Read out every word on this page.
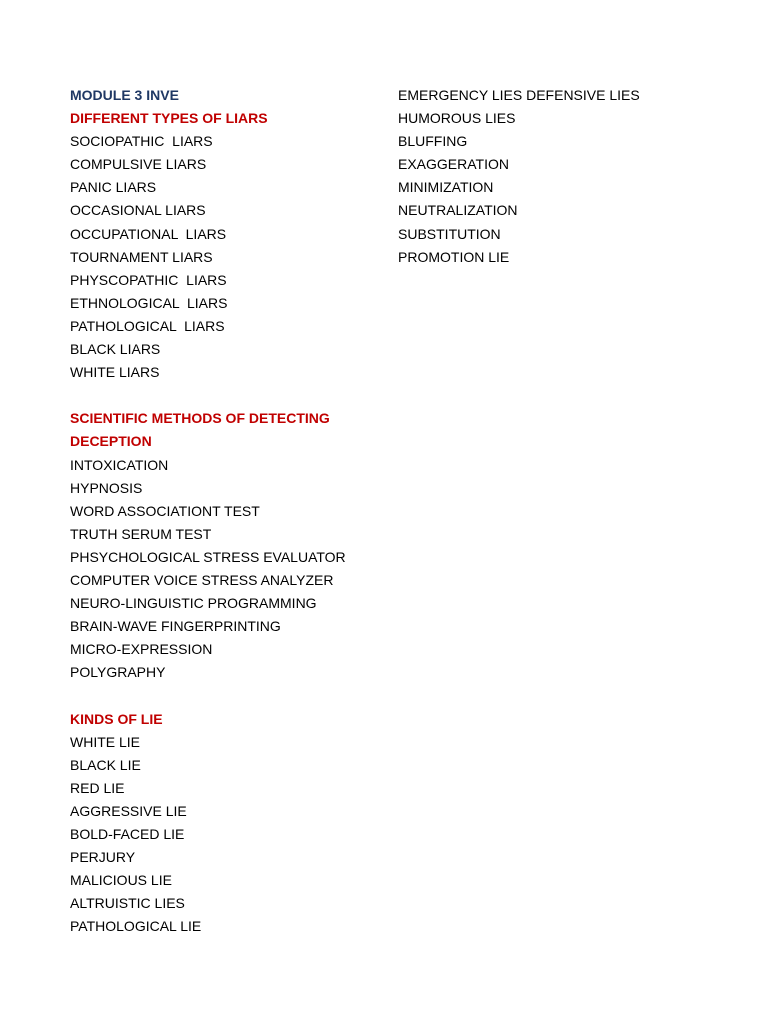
MODULE 3 INVE
DIFFERENT TYPES OF LIARS
SOCIOPATHIC  LIARS
COMPULSIVE LIARS
PANIC LIARS
OCCASIONAL LIARS
OCCUPATIONAL  LIARS
TOURNAMENT LIARS
PHYSCOPATHIC  LIARS
ETHNOLOGICAL  LIARS
PATHOLOGICAL  LIARS
BLACK LIARS
WHITE LIARS
SCIENTIFIC METHODS OF DETECTING
DECEPTION
INTOXICATION
HYPNOSIS
WORD ASSOCIATIONT TEST
TRUTH SERUM TEST
PHSYCHOLOGICAL STRESS EVALUATOR
COMPUTER VOICE STRESS ANALYZER
NEURO-LINGUISTIC PROGRAMMING
BRAIN-WAVE FINGERPRINTING
MICRO-EXPRESSION
POLYGRAPHY
KINDS OF LIE
WHITE LIE
BLACK LIE
RED LIE
AGGRESSIVE LIE
BOLD-FACED LIE
PERJURY
MALICIOUS LIE
ALTRUISTIC LIES
PATHOLOGICAL LIE
EMERGENCY LIES DEFENSIVE LIES
HUMOROUS LIES
BLUFFING
EXAGGERATION
MINIMIZATION
NEUTRALIZATION
SUBSTITUTION
PROMOTION LIE
